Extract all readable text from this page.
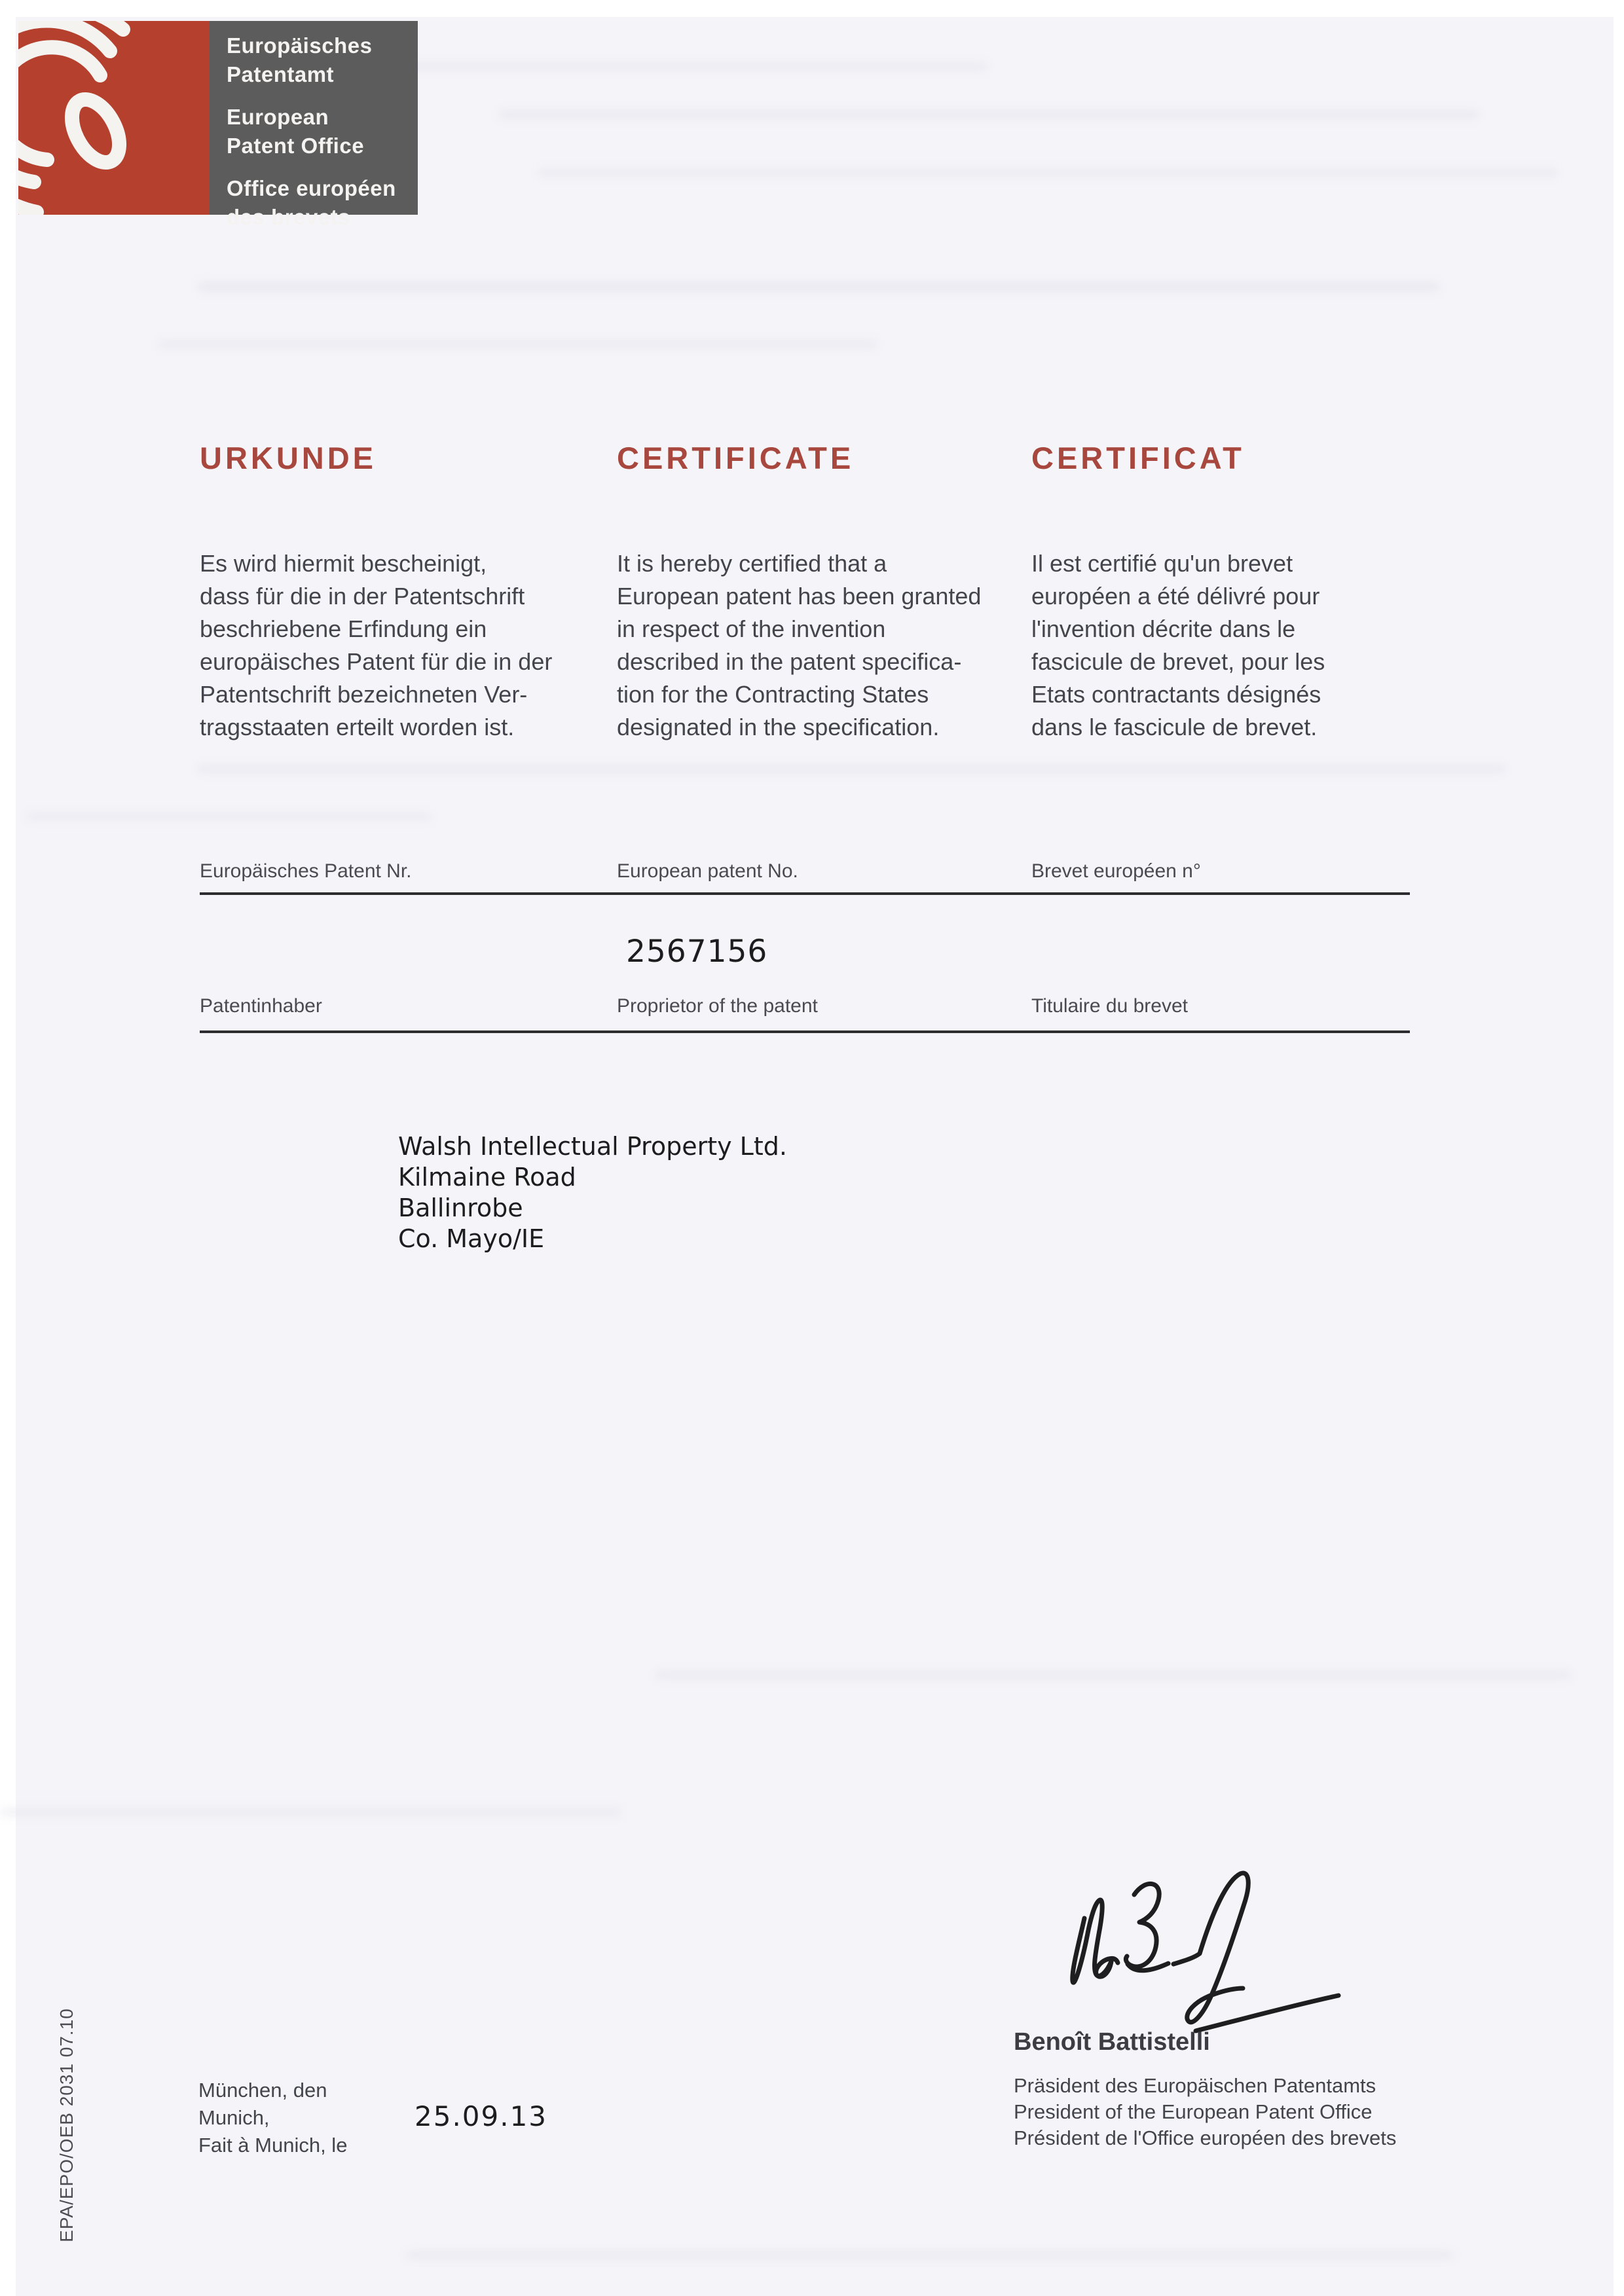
Europäisches
Patentamt
European
Patent Office
Office européen
des brevets
URKUNDE	CERTIFICATE	CERTIFICAT
Es wird hiermit bescheinigt,
dass für die in der Patentschrift
beschriebene Erfindung ein
europäisches Patent für die in der
Patentschrift bezeichneten Ver-
tragsstaaten erteilt worden ist.
It is hereby certified that a
European patent has been granted
in respect of the invention
described in the patent specifica-
tion for the Contracting States
designated in the specification.
Il est certifié qu'un brevet
européen a été délivré pour
l'invention décrite dans le
fascicule de brevet, pour les
Etats contractants désignés
dans le fascicule de brevet.
Europäisches Patent Nr.	European patent No.	Brevet européen n°
2567156
Patentinhaber	Proprietor of the patent	Titulaire du brevet
Walsh Intellectual Property Ltd.
Kilmaine Road
Ballinrobe
Co. Mayo/IE
Benoît Battistelli
Präsident des Europäischen Patentamts
President of the European Patent Office
Président de l'Office européen des brevets
München, den
Munich,
Fait à Munich, le
25.09.13
EPA/EPO/OEB 2031 07.10
